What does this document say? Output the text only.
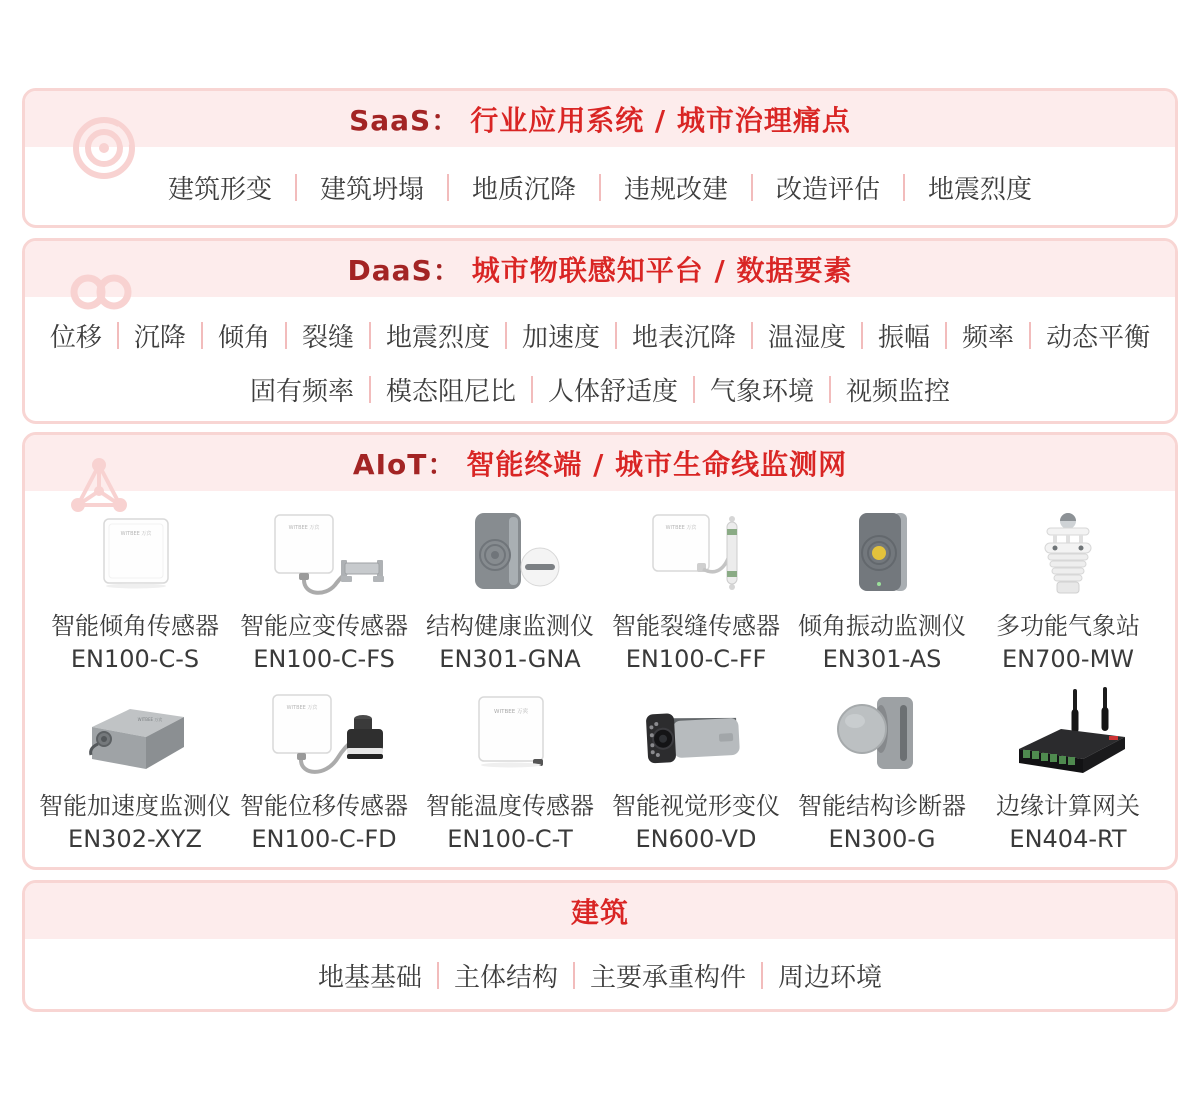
SaaS： 行业应用系统 / 城市治理痛点
建筑形变	建筑坍塌	地质沉降	违规改建	改造评估	地震烈度
DaaS： 城市物联感知平台 / 数据要素
位移	沉降	倾角	裂缝	地震烈度	加速度	地表沉降	温湿度	振幅	频率	动态平衡
固有频率	模态阻尼比	人体舒适度	气象环境	视频监控
AIoT： 智能终端 / 城市生命线监测网
WITBEE 万宾
智能倾角传感器
EN100-C-S
WITBEE 万宾
智能应变传感器
EN100-C-FS
结构健康监测仪
EN301-GNA
WITBEE 万宾
智能裂缝传感器
EN100-C-FF
倾角振动监测仪
EN301-AS
多功能气象站
EN700-MW
WITBEE 万宾
智能加速度监测仪
EN302-XYZ
WITBEE 万宾
智能位移传感器
EN100-C-FD
WITBEE 万宾
智能温度传感器
EN100-C-T
智能视觉形变仪
EN600-VD
智能结构诊断器
EN300-G
边缘计算网关
EN404-RT
建筑
地基基础	主体结构	主要承重构件	周边环境
